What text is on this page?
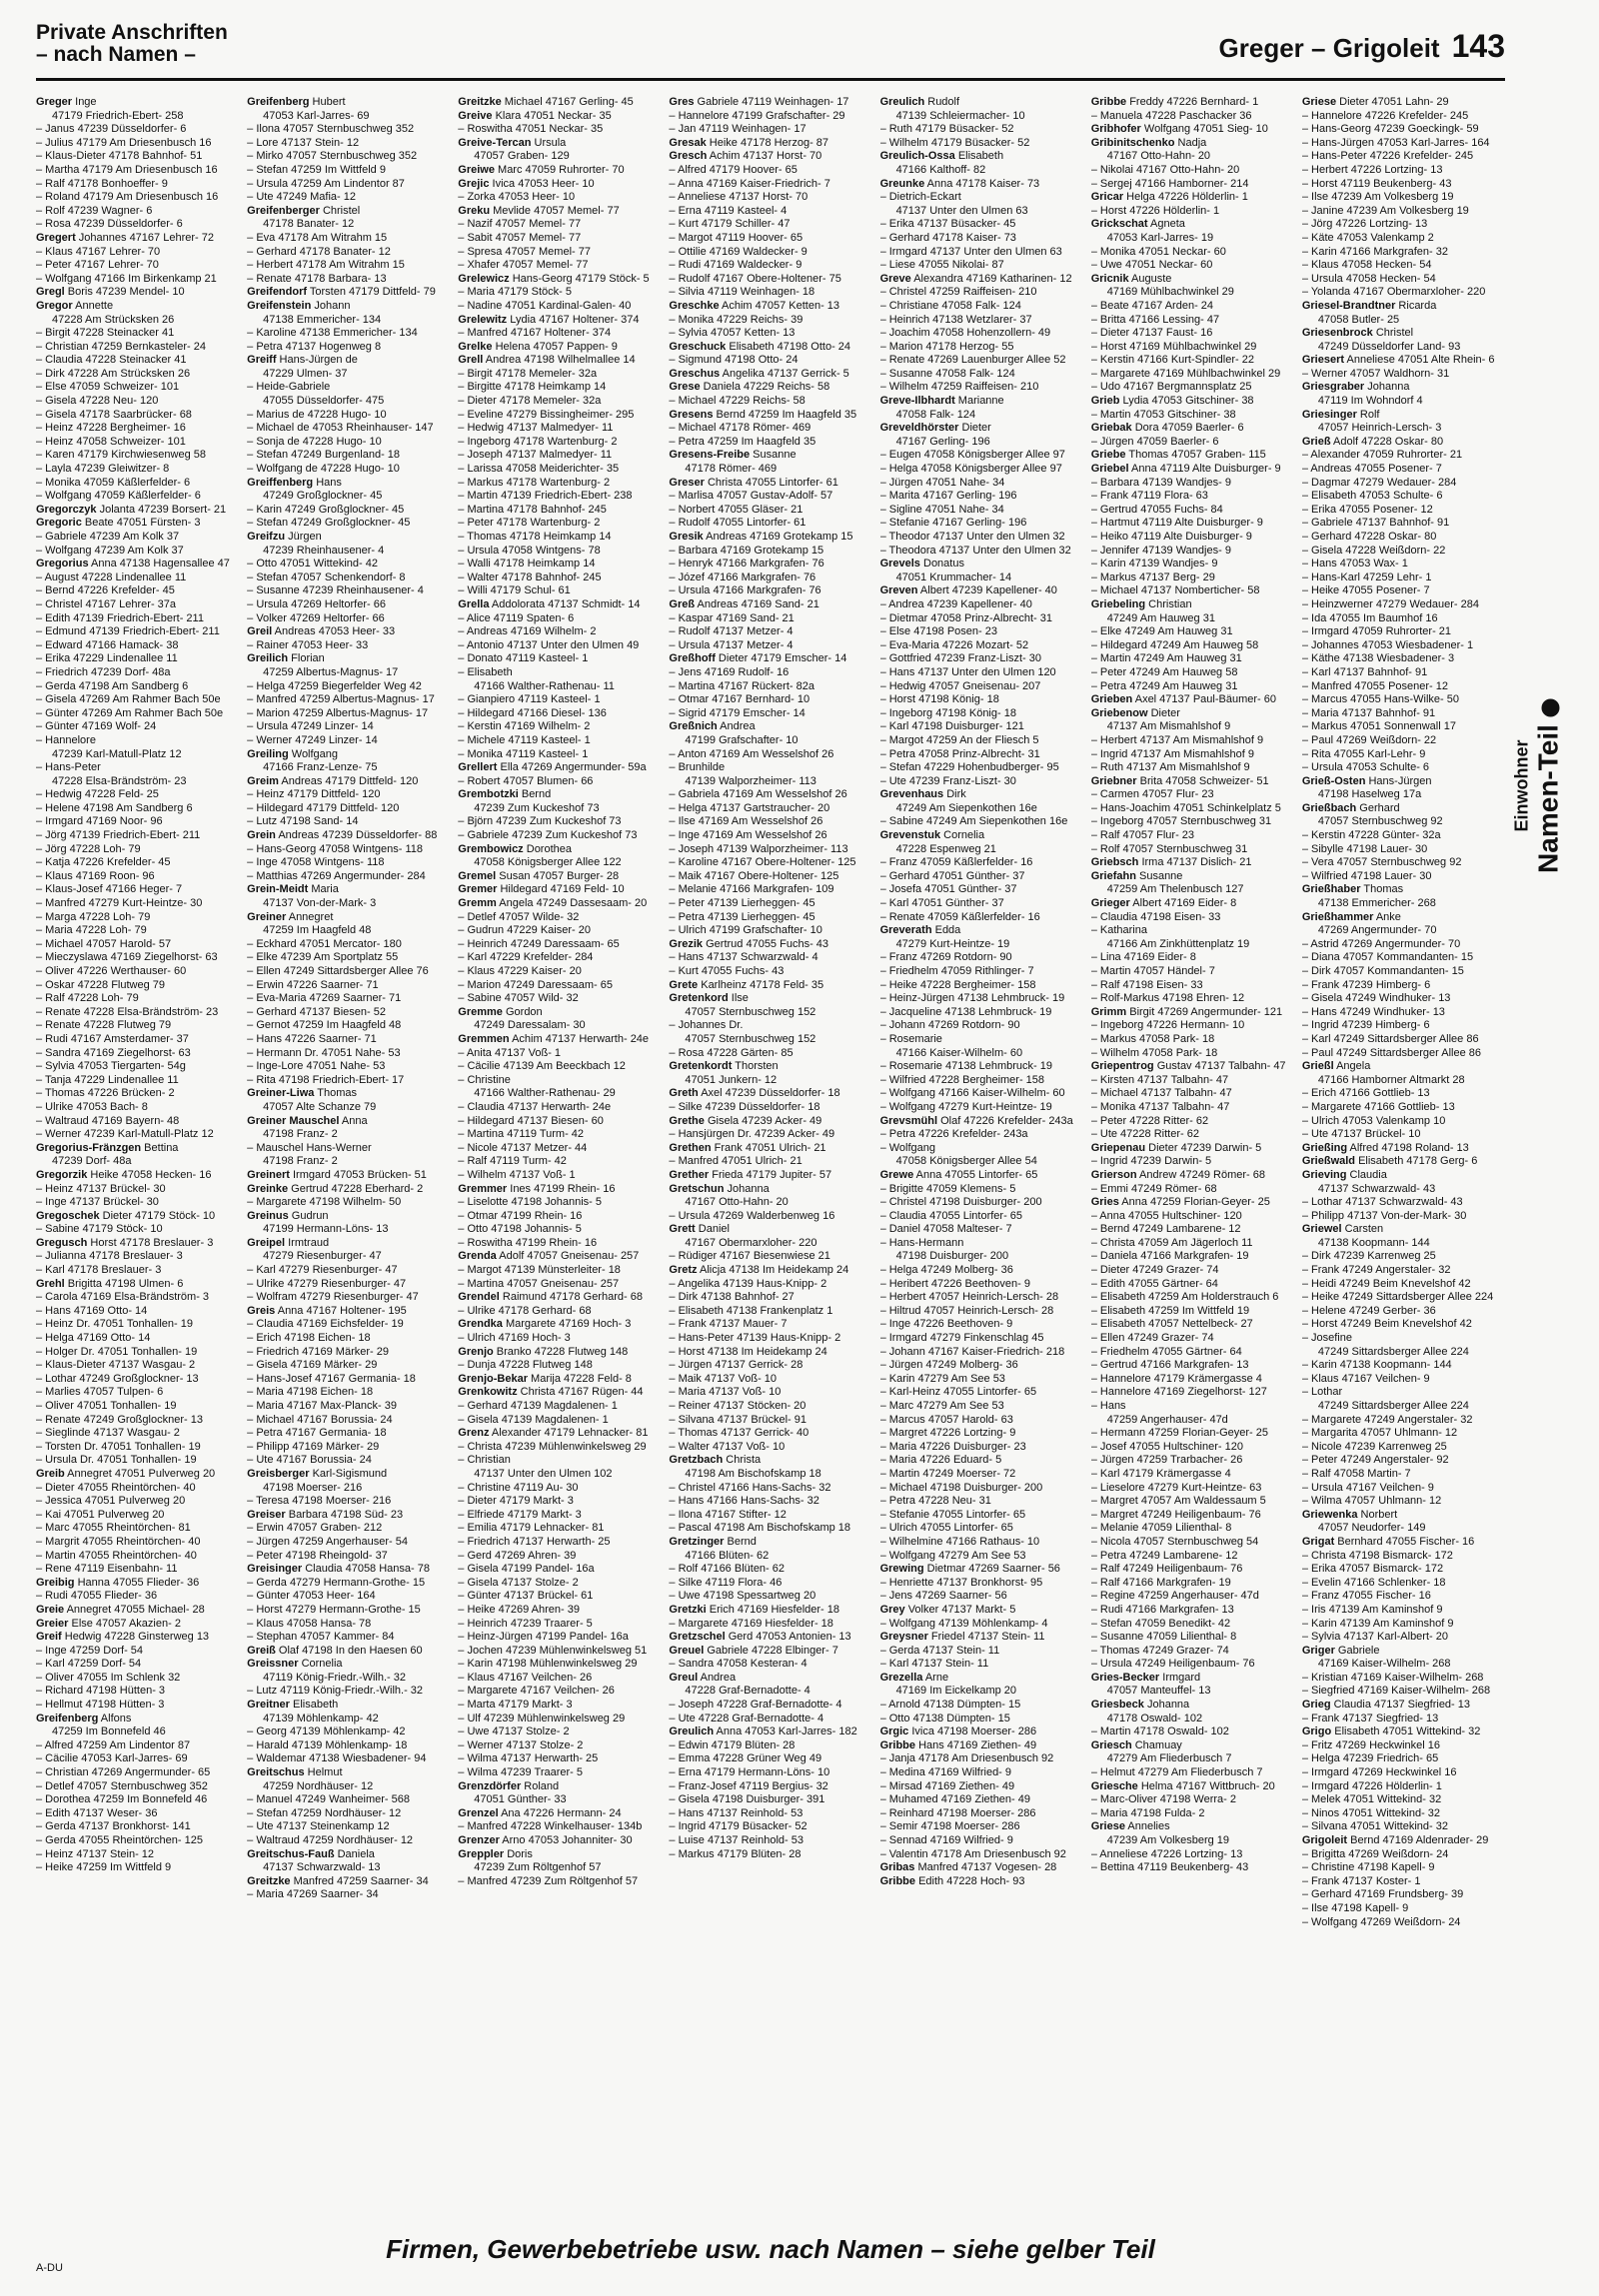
Private Anschriften
– nach Namen –	Greger – Grigoleit 143
Greger Inge
47179 Friedrich-Ebert- 258
– Janus 47239 Düsseldorfer- 6
– Julius 47179 Am Driesenbusch 16
– Klaus-Dieter 47178 Bahnhof- 51
– Martha 47179 Am Driesenbusch 16
– Ralf 47178 Bonhoeffer- 9
– Roland 47179 Am Driesenbusch 16
– Rolf 47239 Wagner- 6
– Rosa 47239 Düsseldorfer- 6
Gregert Johannes 47167 Lehrer- 72
– Klaus 47167 Lehrer- 70
– Peter 47167 Lehrer- 70
– Wolfgang 47166 Im Birkenkamp 21
Gregl Boris 47239 Mendel- 10
Gregor Annette
47228 Am Strücksken 26
– Birgit 47228 Steinacker 41
– Christian 47259 Bernkasteler- 24
– Claudia 47228 Steinacker 41
– Dirk 47228 Am Strücksken 26
– Else 47059 Schweizer- 101
– Gisela 47228 Neu- 120
– Gisela 47178 Saarbrücker- 68
– Heinz 47228 Bergheimer- 16
– Heinz 47058 Schweizer- 101
– Karen 47179 Kirchwiesenweg 58
– Layla 47239 Gleiwitzer- 8
– Monika 47059 Käßlerfelder- 6
– Wolfgang 47059 Käßlerfelder- 6
Gregorczyk Jolanta 47239 Borsert- 21
Gregoric Beate 47051 Fürsten- 3
– Gabriele 47239 Am Kolk 37
– Wolfgang 47239 Am Kolk 37
Gregorius Anna 47138 Hagensallee 47
– August 47228 Lindenallee 11
– Bernd 47226 Krefelder- 45
– Christel 47167 Lehrer- 37a
– Edith 47139 Friedrich-Ebert- 211
– Edmund 47139 Friedrich-Ebert- 211
– Edward 47166 Hamack- 38
– Erika 47229 Lindenallee 11
– Friedrich 47239 Dorf- 48a
– Gerda 47198 Am Sandberg 6
– Gisela 47269 Am Rahmer Bach 50e
– Günter 47269 Am Rahmer Bach 50e
– Günter 47169 Wolf- 24
– Hannelore
47239 Karl-Matull-Platz 12
– Hans-Peter
47228 Elsa-Brändström- 23
– Hedwig 47228 Feld- 25
– Helene 47198 Am Sandberg 6
– Irmgard 47169 Noor- 96
– Jörg 47139 Friedrich-Ebert- 211
– Jörg 47228 Loh- 79
– Katja 47226 Krefelder- 45
– Klaus 47169 Roon- 96
– Klaus-Josef 47166 Heger- 7
– Manfred 47279 Kurt-Heintze- 30
– Marga 47228 Loh- 79
– Maria 47228 Loh- 79
– Michael 47057 Harold- 57
– Mieczyslawa 47169 Ziegelhorst- 63
– Oliver 47226 Werthauser- 60
– Oskar 47228 Flutweg 79
– Ralf 47228 Loh- 79
– Renate 47228 Elsa-Brändström- 23
– Renate 47228 Flutweg 79
– Rudi 47167 Amsterdamer- 37
– Sandra 47169 Ziegelhorst- 63
– Sylvia 47053 Tiergarten- 54g
– Tanja 47229 Lindenallee 11
– Thomas 47226 Brücken- 2
– Ulrike 47053 Bach- 8
– Waltraud 47169 Bayern- 48
– Werner 47239 Karl-Matull-Platz 12
Gregorius-Fränzgen Bettina
47239 Dorf- 48a
Gregorzik Heike 47058 Hecken- 16
– Heinz 47137 Brückel- 30
– Inge 47137 Brückel- 30
Gregoschek Dieter 47179 Stöck- 10
– Sabine 47179 Stöck- 10
Gregusch Horst 47178 Breslauer- 3
– Julianna 47178 Breslauer- 3
– Karl 47178 Breslauer- 3
Grehl Brigitta 47198 Ulmen- 6
– Carola 47169 Elsa-Brändström- 3
– Hans 47169 Otto- 14
– Heinz Dr. 47051 Tonhallen- 19
– Helga 47169 Otto- 14
– Holger Dr. 47051 Tonhallen- 19
– Klaus-Dieter 47137 Wasgau- 2
– Lothar 47249 Großglockner- 13
– Marlies 47057 Tulpen- 6
– Oliver 47051 Tonhallen- 19
– Renate 47249 Großglockner- 13
– Sieglinde 47137 Wasgau- 2
– Torsten Dr. 47051 Tonhallen- 19
– Ursula Dr. 47051 Tonhallen- 19
Greib Annegret 47051 Pulverweg 20
– Dieter 47055 Rheintörchen- 40
– Jessica 47051 Pulverweg 20
– Kai 47051 Pulverweg 20
– Marc 47055 Rheintörchen- 81
– Margrit 47055 Rheintörchen- 40
– Martin 47055 Rheintörchen- 40
– Rene 47119 Eisenbahn- 11
Greibig Hanna 47055 Flieder- 36
– Rudi 47055 Flieder- 36
Greie Annegret 47055 Michael- 28
Greier Else 47057 Akazien- 2
Greif Hedwig 47228 Ginsterweg 13
– Inge 47259 Dorf- 54
– Karl 47259 Dorf- 54
– Oliver 47055 Im Schlenk 32
– Richard 47198 Hütten- 3
– Hellmut 47198 Hütten- 3
Greifenberg Alfons
47259 Im Bonnefeld 46
– Alfred 47259 Am Lindentor 87
– Cäcilie 47053 Karl-Jarres- 69
– Christian 47269 Angermunder- 65
– Detlef 47057 Sternbuschweg 352
– Dorothea 47259 Im Bonnefeld 46
– Edith 47137 Weser- 36
– Gerda 47137 Bronkhorst- 141
– Gerda 47055 Rheintörchen- 125
– Heinz 47137 Stein- 12
– Heike 47259 Im Wittfeld 9
Greifenberg Hubert
47053 Karl-Jarres- 69
– Ilona 47057 Sternbuschweg 352
– Lore 47137 Stein- 12
– Mirko 47057 Sternbuschweg 352
– Stefan 47259 Im Wittfeld 9
– Ursula 47259 Am Lindentor 87
– Ute 47249 Mafia- 12
Greifenberger Christel
47178 Banater- 12
– Eva 47178 Am Witrahm 15
– Gerhard 47178 Banater- 12
– Herbert 47178 Am Witrahm 15
– Renate 47178 Barbara- 13
Greifendorf Torsten 47179 Dittfeld- 79
Greifenstein Johann
47138 Emmericher- 134
– Karoline 47138 Emmericher- 134
– Petra 47137 Hogenweg 8
Greiff Hans-Jürgen de
47229 Ulmen- 37
– Heide-Gabriele
47055 Düsseldorfer- 475
– Marius de 47228 Hugo- 10
– Michael de 47053 Rheinhauser- 147
– Sonja de 47228 Hugo- 10
– Stefan 47249 Burgenland- 18
– Wolfgang de 47228 Hugo- 10
Greiffenberg Hans
47249 Großglockner- 45
– Karin 47249 Großglockner- 45
– Stefan 47249 Großglockner- 45
Greifzu Jürgen
47239 Rheinhausener- 4
– Otto 47051 Wittekind- 42
– Stefan 47057 Schenkendorf- 8
– Susanne 47239 Rheinhausener- 4
– Ursula 47269 Heltorfer- 66
– Volker 47269 Heltorfer- 66
Greil Andreas 47053 Heer- 33
– Rainer 47053 Heer- 33
Greilich Florian
47259 Albertus-Magnus- 17
– Helga 47259 Biegerfelder Weg 42
– Manfred 47259 Albertus-Magnus- 17
– Marion 47259 Albertus-Magnus- 17
– Ursula 47249 Linzer- 14
– Werner 47249 Linzer- 14
Greiling Wolfgang
47166 Franz-Lenze- 75
Greim Andreas 47179 Dittfeld- 120
– Heinz 47179 Dittfeld- 120
– Hildegard 47179 Dittfeld- 120
– Lutz 47198 Sand- 14
Grein Andreas 47239 Düsseldorfer- 88
– Hans-Georg 47058 Wintgens- 118
– Inge 47058 Wintgens- 118
– Matthias 47269 Angermunder- 284
Grein-Meidt Maria
47137 Von-der-Mark- 3
Greiner Annegret
47259 Im Haagfeld 48
– Eckhard 47051 Mercator- 180
– Elke 47239 Am Sportplatz 55
– Ellen 47249 Sittardsberger Allee 76
– Erwin 47226 Saarner- 71
– Eva-Maria 47269 Saarner- 71
– Gerhard 47137 Biesen- 52
– Gernot 47259 Im Haagfeld 48
– Hans 47226 Saarner- 71
– Hermann Dr. 47051 Nahe- 53
– Inge-Lore 47051 Nahe- 53
– Rita 47198 Friedrich-Ebert- 17
Greiner-Liwa Thomas
47057 Alte Schanze 79
Greiner Mauschel Anna
47198 Franz- 2
– Mauschel Hans-Werner
47198 Franz- 2
Greinert Irmgard 47053 Brücken- 51
Greinke Gertrud 47228 Eberhard- 2
– Margarete 47198 Wilhelm- 50
Greinus Gudrun
47199 Hermann-Löns- 13
Greipel Irmtraud
47279 Riesenburger- 47
– Karl 47279 Riesenburger- 47
– Ulrike 47279 Riesenburger- 47
– Wolfram 47279 Riesenburger- 47
Greis Anna 47167 Holtener- 195
– Claudia 47169 Eichsfelder- 19
– Erich 47198 Eichen- 18
– Friedrich 47169 Märker- 29
– Gisela 47169 Märker- 29
– Hans-Josef 47167 Germania- 18
– Maria 47198 Eichen- 18
– Maria 47167 Max-Planck- 39
– Michael 47167 Borussia- 24
– Petra 47167 Germania- 18
– Philipp 47169 Märker- 29
– Ute 47167 Borussia- 24
Greisberger Karl-Sigismund
47198 Moerser- 216
– Teresa 47198 Moerser- 216
Greiser Barbara 47198 Süd- 23
– Erwin 47057 Graben- 212
– Jürgen 47259 Angerhauser- 54
– Peter 47198 Rheingold- 37
Greisinger Claudia 47058 Hansa- 78
– Gerda 47279 Hermann-Grothe- 15
– Günter 47053 Heer- 164
– Horst 47279 Hermann-Grothe- 15
– Klaus 47058 Hansa- 78
– Stephan 47057 Kammer- 84
Greiß Olaf 47198 In den Haesen 60
Greissner Cornelia
47119 König-Friedr.-Wilh.- 32
– Lutz 47119 König-Friedr.-Wilh.- 32
Greitner Elisabeth
47139 Möhlenkamp- 42
– Georg 47139 Möhlenkamp- 42
– Harald 47139 Möhlenkamp- 18
– Waldemar 47138 Wiesbadener- 94
Greitschus Helmut
47259 Nordhäuser- 12
– Manuel 47249 Wanheimer- 568
– Stefan 47259 Nordhäuser- 12
– Ute 47137 Steinenkamp 12
– Waltraud 47259 Nordhäuser- 12
Greitschus-Fauß Daniela
47137 Schwarzwald- 13
Greitzke Manfred 47259 Saarner- 34
– Maria 47269 Saarner- 34
Greitzke Michael 47167 Gerling- 45
Greive Klara 47051 Neckar- 35
– Roswitha 47051 Neckar- 35
Greive-Tercan Ursula
47057 Graben- 129
Greiwe Marc 47059 Ruhrorter- 70
Grejic Ivica 47053 Heer- 10
– Zorka 47053 Heer- 10
Greku Mevlide 47057 Memel- 77
– Nazif 47057 Memel- 77
– Sabit 47057 Memel- 77
– Spresa 47057 Memel- 77
– Xhafer 47057 Memel- 77
Grelewicz Hans-Georg 47179 Stöck- 5
– Maria 47179 Stöck- 5
– Nadine 47051 Kardinal-Galen- 40
Grelewitz Lydia 47167 Holtener- 374
– Manfred 47167 Holtener- 374
Grelke Helena 47057 Pappen- 9
Grell Andrea 47198 Wilhelmallee 14
– Birgit 47178 Memeler- 32a
– Birgitte 47178 Heimkamp 14
– Dieter 47178 Memeler- 32a
– Eveline 47279 Bissingheimer- 295
– Hedwig 47137 Malmedyer- 11
– Ingeborg 47178 Wartenburg- 2
– Joseph 47137 Malmedyer- 11
– Larissa 47058 Meiderichter- 35
– Markus 47178 Wartenburg- 2
– Martin 47139 Friedrich-Ebert- 238
– Martina 47178 Bahnhof- 245
– Peter 47178 Wartenburg- 2
– Thomas 47178 Heimkamp 14
– Ursula 47058 Wintgens- 78
– Walli 47178 Heimkamp 14
– Walter 47178 Bahnhof- 245
– Willi 47179 Schul- 61
Grella Addolorata 47137 Schmidt- 14
– Alice 47119 Spaten- 6
– Andreas 47169 Wilhelm- 2
– Antonio 47137 Unter den Ulmen 49
– Donato 47119 Kasteel- 1
– Elisabeth
47166 Walther-Rathenau- 11
– Gianpiero 47119 Kasteel- 1
– Hildegard 47166 Diesel- 136
– Kerstin 47169 Wilhelm- 2
– Michele 47119 Kasteel- 1
– Monika 47119 Kasteel- 1
Grellert Ella 47269 Angermunder- 59a
– Robert 47057 Blumen- 66
Grembotzki Bernd
47239 Zum Kuckeshof 73
– Björn 47239 Zum Kuckeshof 73
– Gabriele 47239 Zum Kuckeshof 73
Grembowicz Dorothea
47058 Königsberger Allee 122
Gremel Susan 47057 Burger- 28
Gremer Hildegard 47169 Feld- 10
Gremm Angela 47249 Dassesaam- 20
– Detlef 47057 Wilde- 32
– Gudrun 47229 Kaiser- 20
– Heinrich 47249 Daressaam- 65
– Karl 47229 Krefelder- 284
– Klaus 47229 Kaiser- 20
– Marion 47249 Daressaam- 65
– Sabine 47057 Wild- 32
Gremme Gordon
47249 Daressalam- 30
Gremmen Achim 47137 Herwarth- 24e
– Anita 47137 Voß- 1
– Cäcilie 47139 Am Beeckbach 12
– Christine
47166 Walther-Rathenau- 29
– Claudia 47137 Herwarth- 24e
– Hildegard 47137 Biesen- 60
– Martina 47119 Turm- 42
– Nicole 47137 Metzer- 44
– Ralf 47119 Turm- 42
– Wilhelm 47137 Voß- 1
Gremmer Ines 47199 Rhein- 16
– Liselotte 47198 Johannis- 5
– Otmar 47199 Rhein- 16
– Otto 47198 Johannis- 5
– Roswitha 47199 Rhein- 16
Grenda Adolf 47057 Gneisenau- 257
– Margot 47139 Münsterleiter- 18
– Martina 47057 Gneisenau- 257
Grendel Raimund 47178 Gerhard- 68
– Ulrike 47178 Gerhard- 68
Grendka Margarete 47169 Hoch- 3
– Ulrich 47169 Hoch- 3
Grenjo Branko 47228 Flutweg 148
– Dunja 47228 Flutweg 148
Grenjo-Bekar Marija 47228 Feld- 8
Grenkowitz Christa 47167 Rügen- 44
– Gerhard 47139 Magdalenen- 1
– Gisela 47139 Magdalenen- 1
Grenz Alexander 47179 Lehnacker- 81
– Christa 47239 Mühlenwinkelsweg 29
– Christian
47137 Unter den Ulmen 102
– Christine 47119 Au- 30
– Dieter 47179 Markt- 3
– Elfriede 47179 Markt- 3
– Emilia 47179 Lehnacker- 81
– Friedrich 47137 Herwarth- 25
– Gerd 47269 Ahren- 39
– Gisela 47199 Pandel- 16a
– Gisela 47137 Stolze- 2
– Günter 47137 Brückel- 61
– Heike 47269 Ahren- 39
– Heinrich 47239 Traarer- 5
– Heinz-Jürgen 47199 Pandel- 16a
– Jochen 47239 Mühlenwinkelsweg 51
– Karin 47198 Mühlenwinkelsweg 29
– Klaus 47167 Veilchen- 26
– Margarete 47167 Veilchen- 26
– Marta 47179 Markt- 3
– Ulf 47239 Mühlenwinkelsweg 29
– Uwe 47137 Stolze- 2
– Werner 47137 Stolze- 2
– Wilma 47137 Herwarth- 25
– Wilma 47239 Traarer- 5
Grenzdörfer Roland
47051 Günther- 33
Grenzel Ana 47226 Hermann- 24
– Manfred 47228 Winkelhauser- 134b
Grenzer Arno 47053 Johanniter- 30
Greppler Doris
47239 Zum Röltgenhof 57
– Manfred 47239 Zum Röltgenhof 57
Gres Gabriele 47119 Weinhagen- 17
– Hannelore 47199 Grafschafter- 29
– Jan 47119 Weinhagen- 17
Gresak Heike 47178 Herzog- 87
Gresch Achim 47137 Horst- 70
– Alfred 47179 Hoover- 65
– Anna 47169 Kaiser-Friedrich- 7
– Anneliese 47137 Horst- 70
– Erna 47119 Kasteel- 4
– Kurt 47179 Schiller- 47
– Margot 47119 Hoover- 65
– Ottilie 47169 Waldecker- 9
– Rudi 47169 Waldecker- 9
– Rudolf 47167 Obere-Holtener- 75
– Silvia 47119 Weinhagen- 18
Greschke Achim 47057 Ketten- 13
– Monika 47229 Reichs- 39
– Sylvia 47057 Ketten- 13
Greschuck Elisabeth 47198 Otto- 24
– Sigmund 47198 Otto- 24
Greschus Angelika 47137 Gerrick- 5
Grese Daniela 47229 Reichs- 58
– Michael 47229 Reichs- 58
Gresens Bernd 47259 Im Haagfeld 35
– Michael 47178 Römer- 469
– Petra 47259 Im Haagfeld 35
Gresens-Freibe Susanne
47178 Römer- 469
Greser Christa 47055 Lintorfer- 61
– Marlisa 47057 Gustav-Adolf- 57
– Norbert 47055 Gläser- 21
– Rudolf 47055 Lintorfer- 61
Gresik Andreas 47169 Grotekamp 15
– Barbara 47169 Grotekamp 15
– Henryk 47166 Markgrafen- 76
– Józef 47166 Markgrafen- 76
– Ursula 47166 Markgrafen- 76
Greß Andreas 47169 Sand- 21
– Kaspar 47169 Sand- 21
– Rudolf 47137 Metzer- 4
– Ursula 47137 Metzer- 4
Greßhoff Dieter 47179 Emscher- 14
– Jens 47169 Rudolf- 16
– Martina 47167 Rückert- 82a
– Otmar 47167 Bernhard- 10
– Sigrid 47179 Emscher- 14
Greßnich Andrea
47199 Grafschafter- 10
– Anton 47169 Am Wesselshof 26
– Brunhilde
47139 Walporzheimer- 113
– Gabriela 47169 Am Wesselshof 26
– Helga 47137 Gartstraucher- 20
– Ilse 47169 Am Wesselshof 26
– Inge 47169 Am Wesselshof 26
– Joseph 47139 Walporzheimer- 113
– Karoline 47167 Obere-Holtener- 125
– Maik 47167 Obere-Holtener- 125
– Melanie 47166 Markgrafen- 109
– Peter 47139 Lierheggen- 45
– Petra 47139 Lierheggen- 45
– Ulrich 47199 Grafschafter- 10
Grezik Gertrud 47055 Fuchs- 43
– Hans 47137 Schwarzwald- 4
– Kurt 47055 Fuchs- 43
Grete Karlheinz 47178 Feld- 35
Gretenkord Ilse
47057 Sternbuschweg 152
– Johannes Dr.
47057 Sternbuschweg 152
– Rosa 47228 Gärten- 85
Gretenkordt Thorsten
47051 Junkern- 12
Greth Axel 47239 Düsseldorfer- 18
– Silke 47239 Düsseldorfer- 18
Grethe Gisela 47239 Acker- 49
– Hansjürgen Dr. 47239 Acker- 49
Grethen Frank 47051 Ulrich- 21
– Manfred 47051 Ulrich- 21
Grether Frieda 47179 Jupiter- 57
Gretschun Johanna
47167 Otto-Hahn- 20
– Ursula 47269 Walderbenweg 16
Grett Daniel
47167 Obermarxloher- 220
– Rüdiger 47167 Biesenwiese 21
Gretz Alicja 47138 Im Heidekamp 24
– Angelika 47139 Haus-Knipp- 2
– Dirk 47138 Bahnhof- 27
– Elisabeth 47138 Frankenplatz 1
– Frank 47137 Mauer- 7
– Hans-Peter 47139 Haus-Knipp- 2
– Horst 47138 Im Heidekamp 24
– Jürgen 47137 Gerrick- 28
– Maik 47137 Voß- 10
– Maria 47137 Voß- 10
– Reiner 47137 Stöcken- 20
– Silvana 47137 Brückel- 91
– Thomas 47137 Gerrick- 40
– Walter 47137 Voß- 10
Gretzbach Christa
47198 Am Bischofskamp 18
– Christel 47166 Hans-Sachs- 32
– Hans 47166 Hans-Sachs- 32
– Ilona 47167 Stifter- 12
– Pascal 47198 Am Bischofskamp 18
Gretzinger Bernd
47166 Blüten- 62
– Rolf 47166 Blüten- 62
– Silke 47119 Flora- 46
– Uwe 47198 Spessartweg 20
Gretzki Erich 47169 Hiesfelder- 18
– Margarete 47169 Hiesfelder- 18
Gretzschel Gerd 47053 Antonien- 13
Greuel Gabriele 47228 Elbinger- 7
– Sandra 47058 Kesteran- 4
Greul Andrea
47228 Graf-Bernadotte- 4
– Joseph 47228 Graf-Bernadotte- 4
– Ute 47228 Graf-Bernadotte- 4
Greulich Anna 47053 Karl-Jarres- 182
– Edwin 47179 Blüten- 28
– Emma 47228 Grüner Weg 49
– Erna 47179 Hermann-Löns- 10
– Franz-Josef 47119 Bergius- 32
– Gisela 47198 Duisburger- 391
– Hans 47137 Reinhold- 53
– Ingrid 47179 Büsacker- 52
– Luise 47137 Reinhold- 53
– Markus 47179 Blüten- 28
Greulich Rudolf
47139 Schleiermacher- 10
– Ruth 47179 Büsacker- 52
– Wilhelm 47179 Büsacker- 52
Greulich-Ossa Elisabeth
47166 Kalthoff- 82
Greunke Anna 47178 Kaiser- 73
– Dietrich-Eckart
47137 Unter den Ulmen 63
– Erika 47137 Büsacker- 45
– Gerhard 47178 Kaiser- 73
– Irmgard 47137 Unter den Ulmen 63
– Liese 47055 Nikolai- 87
Greve Alexandra 47169 Katharinen- 12
– Christel 47259 Raiffeisen- 210
– Christiane 47058 Falk- 124
– Heinrich 47138 Wetzlarer- 37
– Joachim 47058 Hohenzollern- 49
– Marion 47178 Herzog- 55
– Renate 47269 Lauenburger Allee 52
– Susanne 47058 Falk- 124
– Wilhelm 47259 Raiffeisen- 210
Greve-Ilbhardt Marianne
47058 Falk- 124
Greveldhörster Dieter
47167 Gerling- 196
– Eugen 47058 Königsberger Allee 97
– Helga 47058 Königsberger Allee 97
– Jürgen 47051 Nahe- 34
– Marita 47167 Gerling- 196
– Sigline 47051 Nahe- 34
– Stefanie 47167 Gerling- 196
– Theodor 47137 Unter den Ulmen 32
– Theodora 47137 Unter den Ulmen 32
Grevels Donatus
47051 Krummacher- 14
Greven Albert 47239 Kapellener- 40
– Andrea 47239 Kapellener- 40
– Dietmar 47058 Prinz-Albrecht- 31
– Else 47198 Posen- 23
– Eva-Maria 47226 Mozart- 52
– Gottfried 47239 Franz-Liszt- 30
– Hans 47137 Unter den Ulmen 120
– Hedwig 47057 Gneisenau- 207
– Horst 47198 König- 18
– Ingeborg 47198 König- 18
– Karl 47198 Duisburger- 121
– Margot 47259 An der Fliesch 5
– Petra 47058 Prinz-Albrecht- 31
– Stefan 47229 Hohenbudberger- 95
– Ute 47239 Franz-Liszt- 30
Grevenhaus Dirk
47249 Am Siepenkothen 16e
– Sabine 47249 Am Siepenkothen 16e
Grevenstuk Cornelia
47228 Espenweg 21
– Franz 47059 Käßlerfelder- 16
– Gerhard 47051 Günther- 37
– Josefa 47051 Günther- 37
– Karl 47051 Günther- 37
– Renate 47059 Käßlerfelder- 16
Greverath Edda
47279 Kurt-Heintze- 19
– Franz 47269 Rotdorn- 90
– Friedhelm 47059 Rithlinger- 7
– Heike 47228 Bergheimer- 158
– Heinz-Jürgen 47138 Lehmbruck- 19
– Jacqueline 47138 Lehmbruck- 19
– Johann 47269 Rotdorn- 90
– Rosemarie
47166 Kaiser-Wilhelm- 60
– Rosemarie 47138 Lehmbruck- 19
– Wilfried 47228 Bergheimer- 158
– Wolfgang 47166 Kaiser-Wilhelm- 60
– Wolfgang 47279 Kurt-Heintze- 19
Grevsmühl Olaf 47226 Krefelder- 243a
– Petra 47226 Krefelder- 243a
– Wolfgang
47058 Königsberger Allee 54
Grewe Anna 47055 Lintorfer- 65
– Brigitte 47059 Klemens- 5
– Christel 47198 Duisburger- 200
– Claudia 47055 Lintorfer- 65
– Daniel 47058 Malteser- 7
– Hans-Hermann
47198 Duisburger- 200
– Helga 47249 Molberg- 36
– Heribert 47226 Beethoven- 9
– Herbert 47057 Heinrich-Lersch- 28
– Hiltrud 47057 Heinrich-Lersch- 28
– Inge 47226 Beethoven- 9
– Irmgard 47279 Finkenschlag 45
– Johann 47167 Kaiser-Friedrich- 218
– Jürgen 47249 Molberg- 36
– Karin 47279 Am See 53
– Karl-Heinz 47055 Lintorfer- 65
– Marc 47279 Am See 53
– Marcus 47057 Harold- 63
– Margret 47226 Lortzing- 9
– Maria 47226 Duisburger- 23
– Maria 47226 Eduard- 5
– Martin 47249 Moerser- 72
– Michael 47198 Duisburger- 200
– Petra 47228 Neu- 31
– Stefanie 47055 Lintorfer- 65
– Ulrich 47055 Lintorfer- 65
– Wilhelmine 47166 Rathaus- 10
– Wolfgang 47279 Am See 53
Grewing Dietmar 47269 Saarner- 56
– Henriette 47137 Bronkhorst- 95
– Jens 47269 Saarner- 56
Grey Volker 47137 Markt- 5
– Wolfgang 47139 Möhlenkamp- 4
Greysner Friedel 47137 Stein- 11
– Gerda 47137 Stein- 11
– Karl 47137 Stein- 11
Grezella Arne
47169 Im Eickelkamp 20
– Arnold 47138 Dümpten- 15
– Otto 47138 Dümpten- 15
Grgic Ivica 47198 Moerser- 286
Gribbe Hans 47169 Ziethen- 49
– Janja 47178 Am Driesenbusch 92
– Medina 47169 Wilfried- 9
– Mirsad 47169 Ziethen- 49
– Muhamed 47169 Ziethen- 49
– Reinhard 47198 Moerser- 286
– Semir 47198 Moerser- 286
– Sennad 47169 Wilfried- 9
– Valentin 47178 Am Driesenbusch 92
Gribas Manfred 47137 Vogesen- 28
Gribbe Edith 47228 Hoch- 93
Gribbe Freddy 47226 Bernhard- 1
– Manuela 47228 Paschacker 36
Gribhofer Wolfgang 47051 Sieg- 10
Gribinitschenko Nadja
47167 Otto-Hahn- 20
– Nikolai 47167 Otto-Hahn- 20
– Sergej 47166 Hamborner- 214
Gricar Helga 47226 Hölderlin- 1
– Horst 47226 Hölderlin- 1
Grickschat Agneta
47053 Karl-Jarres- 19
– Monika 47051 Neckar- 60
– Uwe 47051 Neckar- 60
Gricnik Auguste
47169 Mühlbachwinkel 29
– Beate 47167 Arden- 24
– Britta 47166 Lessing- 47
– Dieter 47137 Faust- 16
– Horst 47169 Mühlbachwinkel 29
– Kerstin 47166 Kurt-Spindler- 22
– Margarete 47169 Mühlbachwinkel 29
– Udo 47167 Bergmannsplatz 25
Grieb Lydia 47053 Gitschiner- 38
– Martin 47053 Gitschiner- 38
Griebak Dora 47059 Baerler- 6
– Jürgen 47059 Baerler- 6
Griebe Thomas 47057 Graben- 115
Griebel Anna 47119 Alte Duisburger- 9
– Barbara 47139 Wandjes- 9
– Frank 47119 Flora- 63
– Gertrud 47055 Fuchs- 84
– Hartmut 47119 Alte Duisburger- 9
– Heiko 47119 Alte Duisburger- 9
– Jennifer 47139 Wandjes- 9
– Karin 47139 Wandjes- 9
– Markus 47137 Berg- 29
– Michael 47137 Nomberticher- 58
Griebeling Christian
47249 Am Hauweg 31
– Elke 47249 Am Hauweg 31
– Hildegard 47249 Am Hauweg 58
– Martin 47249 Am Hauweg 31
– Peter 47249 Am Hauweg 58
– Petra 47249 Am Hauweg 31
Grieben Axel 47137 Paul-Bäumer- 60
Griebenow Dieter
47137 Am Mismahlshof 9
– Herbert 47137 Am Mismahlshof 9
– Ingrid 47137 Am Mismahlshof 9
– Ruth 47137 Am Mismahlshof 9
Griebner Brita 47058 Schweizer- 51
– Carmen 47057 Flur- 23
– Hans-Joachim 47051 Schinkelplatz 5
– Ingeborg 47057 Sternbuschweg 31
– Ralf 47057 Flur- 23
– Rolf 47057 Sternbuschweg 31
Griebsch Irma 47137 Dislich- 21
Griefahn Susanne
47259 Am Thelenbusch 127
Grieger Albert 47169 Eider- 8
– Claudia 47198 Eisen- 33
– Katharina
47166 Am Zinkhüttenplatz 19
– Lina 47169 Eider- 8
– Martin 47057 Händel- 7
– Ralf 47198 Eisen- 33
– Rolf-Markus 47198 Ehren- 12
Grimm Birgit 47269 Angermunder- 121
– Ingeborg 47226 Hermann- 10
– Markus 47058 Park- 18
– Wilhelm 47058 Park- 18
Griepentrog Gustav 47137 Talbahn- 47
– Kirsten 47137 Talbahn- 47
– Michael 47137 Talbahn- 47
– Monika 47137 Talbahn- 47
– Peter 47228 Ritter- 62
– Ute 47228 Ritter- 62
Griepenau Dieter 47239 Darwin- 5
– Ingrid 47239 Darwin- 5
Grierson Andrew 47249 Römer- 68
– Emmi 47249 Römer- 68
Gries Anna 47259 Florian-Geyer- 25
– Anna 47055 Hultschiner- 120
– Bernd 47249 Lambarene- 12
– Christa 47059 Am Jägerloch 11
– Daniela 47166 Markgrafen- 19
– Dieter 47249 Grazer- 74
– Edith 47055 Gärtner- 64
– Elisabeth 47259 Am Holderstrauch 6
– Elisabeth 47259 Im Wittfeld 19
– Elisabeth 47057 Nettelbeck- 27
– Ellen 47249 Grazer- 74
– Friedhelm 47055 Gärtner- 64
– Gertrud 47166 Markgrafen- 13
– Hannelore 47179 Krämergasse 4
– Hannelore 47169 Ziegelhorst- 127
– Hans
47259 Angerhauser- 47d
– Hermann 47259 Florian-Geyer- 25
– Josef 47055 Hultschiner- 120
– Jürgen 47259 Trarbacher- 26
– Karl 47179 Krämergasse 4
– Lieselore 47279 Kurt-Heintze- 63
– Margret 47057 Am Waldessaum 5
– Margret 47249 Heiligenbaum- 76
– Melanie 47059 Lilienthal- 8
– Nicola 47057 Sternbuschweg 54
– Petra 47249 Lambarene- 12
– Ralf 47249 Heiligenbaum- 76
– Ralf 47166 Markgrafen- 19
– Regine 47259 Angerhauser- 47d
– Rudi 47166 Markgrafen- 13
– Stefan 47059 Benedikt- 42
– Susanne 47059 Lilienthal- 8
– Thomas 47249 Grazer- 74
– Ursula 47249 Heiligenbaum- 76
Gries-Becker Irmgard
47057 Manteuffel- 13
Griesbeck Johanna
47178 Oswald- 102
– Martin 47178 Oswald- 102
Griesch Chamuay
47279 Am Fliederbusch 7
– Helmut 47279 Am Fliederbusch 7
Griesche Helma 47167 Wittbruch- 20
– Marc-Oliver 47198 Werra- 2
– Maria 47198 Fulda- 2
Griese Annelies
47239 Am Volkesberg 19
– Anneliese 47226 Lortzing- 13
– Bettina 47119 Beukenberg- 43
Griese Dieter 47051 Lahn- 29
– Hannelore 47226 Krefelder- 245
– Hans-Georg 47239 Goeckingk- 59
– Hans-Jürgen 47053 Karl-Jarres- 164
– Hans-Peter 47226 Krefelder- 245
– Herbert 47226 Lortzing- 13
– Horst 47119 Beukenberg- 43
– Ilse 47239 Am Volkesberg 19
– Janine 47239 Am Volkesberg 19
– Jörg 47226 Lortzing- 13
– Käte 47053 Valenkamp 2
– Karin 47166 Markgrafen- 32
– Klaus 47058 Hecken- 54
– Ursula 47058 Hecken- 54
– Yolanda 47167 Obermarxloher- 220
Griesel-Brandtner Ricarda
47058 Butler- 25
Griesenbrock Christel
47249 Düsseldorfer Land- 93
Griesert Anneliese 47051 Alte Rhein- 6
– Werner 47057 Waldhorn- 31
Griesgraber Johanna
47119 Im Wohndorf 4
Griesinger Rolf
47057 Heinrich-Lersch- 3
Grieß Adolf 47228 Oskar- 80
– Alexander 47059 Ruhrorter- 21
– Andreas 47055 Posener- 7
– Dagmar 47279 Wedauer- 284
– Elisabeth 47053 Schulte- 6
– Erika 47055 Posener- 12
– Gabriele 47137 Bahnhof- 91
– Gerhard 47228 Oskar- 80
– Gisela 47228 Weißdorn- 22
– Hans 47053 Wax- 1
– Hans-Karl 47259 Lehr- 1
– Heike 47055 Posener- 7
– Heinzwerner 47279 Wedauer- 284
– Ida 47055 Im Baumhof 16
– Irmgard 47059 Ruhrorter- 21
– Johannes 47053 Wiesbadener- 1
– Käthe 47138 Wiesbadener- 3
– Karl 47137 Bahnhof- 91
– Manfred 47055 Posener- 12
– Marcus 47055 Hans-Wilke- 50
– Maria 47137 Bahnhof- 91
– Markus 47051 Sonnenwall 17
– Paul 47269 Weißdorn- 22
– Rita 47055 Karl-Lehr- 9
– Ursula 47053 Schulte- 6
Grieß-Osten Hans-Jürgen
47198 Haselweg 17a
Grießbach Gerhard
47057 Sternbuschweg 92
– Kerstin 47228 Günter- 32a
– Sibylle 47198 Lauer- 30
– Vera 47057 Sternbuschweg 92
– Wilfried 47198 Lauer- 30
Grießhaber Thomas
47138 Emmericher- 268
Grießhammer Anke
47269 Angermunder- 70
– Astrid 47269 Angermunder- 70
– Diana 47057 Kommandanten- 15
– Dirk 47057 Kommandanten- 15
– Frank 47239 Himberg- 6
– Gisela 47249 Windhuker- 13
– Hans 47249 Windhuker- 13
– Ingrid 47239 Himberg- 6
– Karl 47249 Sittardsberger Allee 86
– Paul 47249 Sittardsberger Allee 86
Grießl Angela
47166 Hamborner Altmarkt 28
– Erich 47166 Gottlieb- 13
– Margarete 47166 Gottlieb- 13
– Ulrich 47053 Valenkamp 10
– Ute 47137 Brückel- 10
Grießing Alfred 47198 Roland- 13
Grießwald Elisabeth 47178 Gerg- 6
Grieving Claudia
47137 Schwarzwald- 43
– Lothar 47137 Schwarzwald- 43
– Philipp 47137 Von-der-Mark- 30
Griewel Carsten
47138 Koopmann- 144
– Dirk 47239 Karrenweg 25
– Frank 47249 Angerstaler- 32
– Heidi 47249 Beim Knevelshof 42
– Heike 47249 Sittardsberger Allee 224
– Helene 47249 Gerber- 36
– Horst 47249 Beim Knevelshof 42
– Josefine
47249 Sittardsberger Allee 224
– Karin 47138 Koopmann- 144
– Klaus 47167 Veilchen- 9
– Lothar
47249 Sittardsberger Allee 224
– Margarete 47249 Angerstaler- 32
– Margarita 47057 Uhlmann- 12
– Nicole 47239 Karrenweg 25
– Peter 47249 Angerstaler- 92
– Ralf 47058 Martin- 7
– Ursula 47167 Veilchen- 9
– Wilma 47057 Uhlmann- 12
Griewenka Norbert
47057 Neudorfer- 149
Grigat Bernhard 47055 Fischer- 16
– Christa 47198 Bismarck- 172
– Erika 47057 Bismarck- 172
– Evelin 47166 Schlenker- 18
– Franz 47055 Fischer- 16
– Iris 47139 Am Kaminshof 9
– Karin 47139 Am Kaminshof 9
– Sylvia 47137 Karl-Albert- 20
Griger Gabriele
47169 Kaiser-Wilhelm- 268
– Kristian 47169 Kaiser-Wilhelm- 268
– Siegfried 47169 Kaiser-Wilhelm- 268
Grieg Claudia 47137 Siegfried- 13
– Frank 47137 Siegfried- 13
Grigo Elisabeth 47051 Wittekind- 32
– Fritz 47269 Heckwinkel 16
– Helga 47239 Friedrich- 65
– Irmgard 47269 Heckwinkel 16
– Irmgard 47226 Hölderlin- 1
– Melek 47051 Wittekind- 32
– Ninos 47051 Wittekind- 32
– Silvana 47051 Wittekind- 32
Grigoleit Bernd 47169 Aldenrader- 29
– Brigitta 47269 Weißdorn- 24
– Christine 47198 Kapell- 9
– Frank 47137 Koster- 1
– Gerhard 47169 Frundsberg- 39
– Ilse 47198 Kapell- 9
– Wolfgang 47269 Weißdorn- 24
Einwohner Namen-Teil
Firmen, Gewerbebetriebe usw. nach Namen – siehe gelber Teil
A-DU
